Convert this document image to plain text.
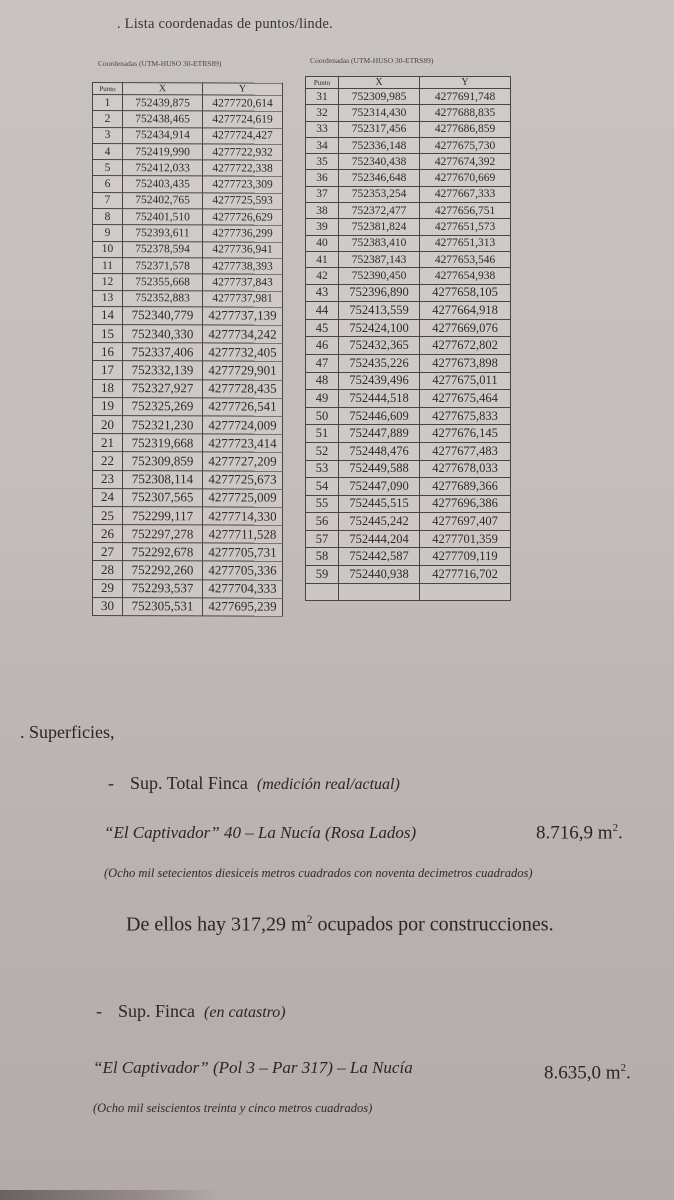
. Lista coordenadas de puntos/linde.
Coordenadas (UTM-HUSO 30-ETRS89)	Coordenadas (UTM-HUSO 30-ETRS89)
Punto	X	Y
1	752439,875	4277720,614
2	752438,465	4277724,619
3	752434,914	4277724,427
4	752419,990	4277722,932
5	752412,033	4277722,338
6	752403,435	4277723,309
7	752402,765	4277725,593
8	752401,510	4277726,629
9	752393,611	4277736,299
10	752378,594	4277736,941
11	752371,578	4277738,393
12	752355,668	4277737,843
13	752352,883	4277737,981
14	752340,779	4277737,139
15	752340,330	4277734,242
16	752337,406	4277732,405
17	752332,139	4277729,901
18	752327,927	4277728,435
19	752325,269	4277726,541
20	752321,230	4277724,009
21	752319,668	4277723,414
22	752309,859	4277727,209
23	752308,114	4277725,673
24	752307,565	4277725,009
25	752299,117	4277714,330
26	752297,278	4277711,528
27	752292,678	4277705,731
28	752292,260	4277705,336
29	752293,537	4277704,333
30	752305,531	4277695,239
Punto	X	Y
31	752309,985	4277691,748
32	752314,430	4277688,835
33	752317,456	4277686,859
34	752336,148	4277675,730
35	752340,438	4277674,392
36	752346,648	4277670,669
37	752353,254	4277667,333
38	752372,477	4277656,751
39	752381,824	4277651,573
40	752383,410	4277651,313
41	752387,143	4277653,546
42	752390,450	4277654,938
43	752396,890	4277658,105
44	752413,559	4277664,918
45	752424,100	4277669,076
46	752432,365	4277672,802
47	752435,226	4277673,898
48	752439,496	4277675,011
49	752444,518	4277675,464
50	752446,609	4277675,833
51	752447,889	4277676,145
52	752448,476	4277677,483
53	752449,588	4277678,033
54	752447,090	4277689,366
55	752445,515	4277696,386
56	752445,242	4277697,407
57	752444,204	4277701,359
58	752442,587	4277709,119
59	752440,938	4277716,702

. Superficies,
- Sup. Total Finca (medición real/actual)
“El Captivador” 40 – La Nucía (Rosa Lados)	8.716,9 $m^2$.
(Ocho mil setecientos diesiceis metros cuadrados con noventa decimetros cuadrados)
De ellos hay 317,29 $m^2$ ocupados por construcciones.
- Sup. Finca (en catastro)
“El Captivador” (Pol 3 – Par 317) – La Nucía	8.635,0 $m^2$.
(Ocho mil seiscientos treinta y cinco metros cuadrados)
